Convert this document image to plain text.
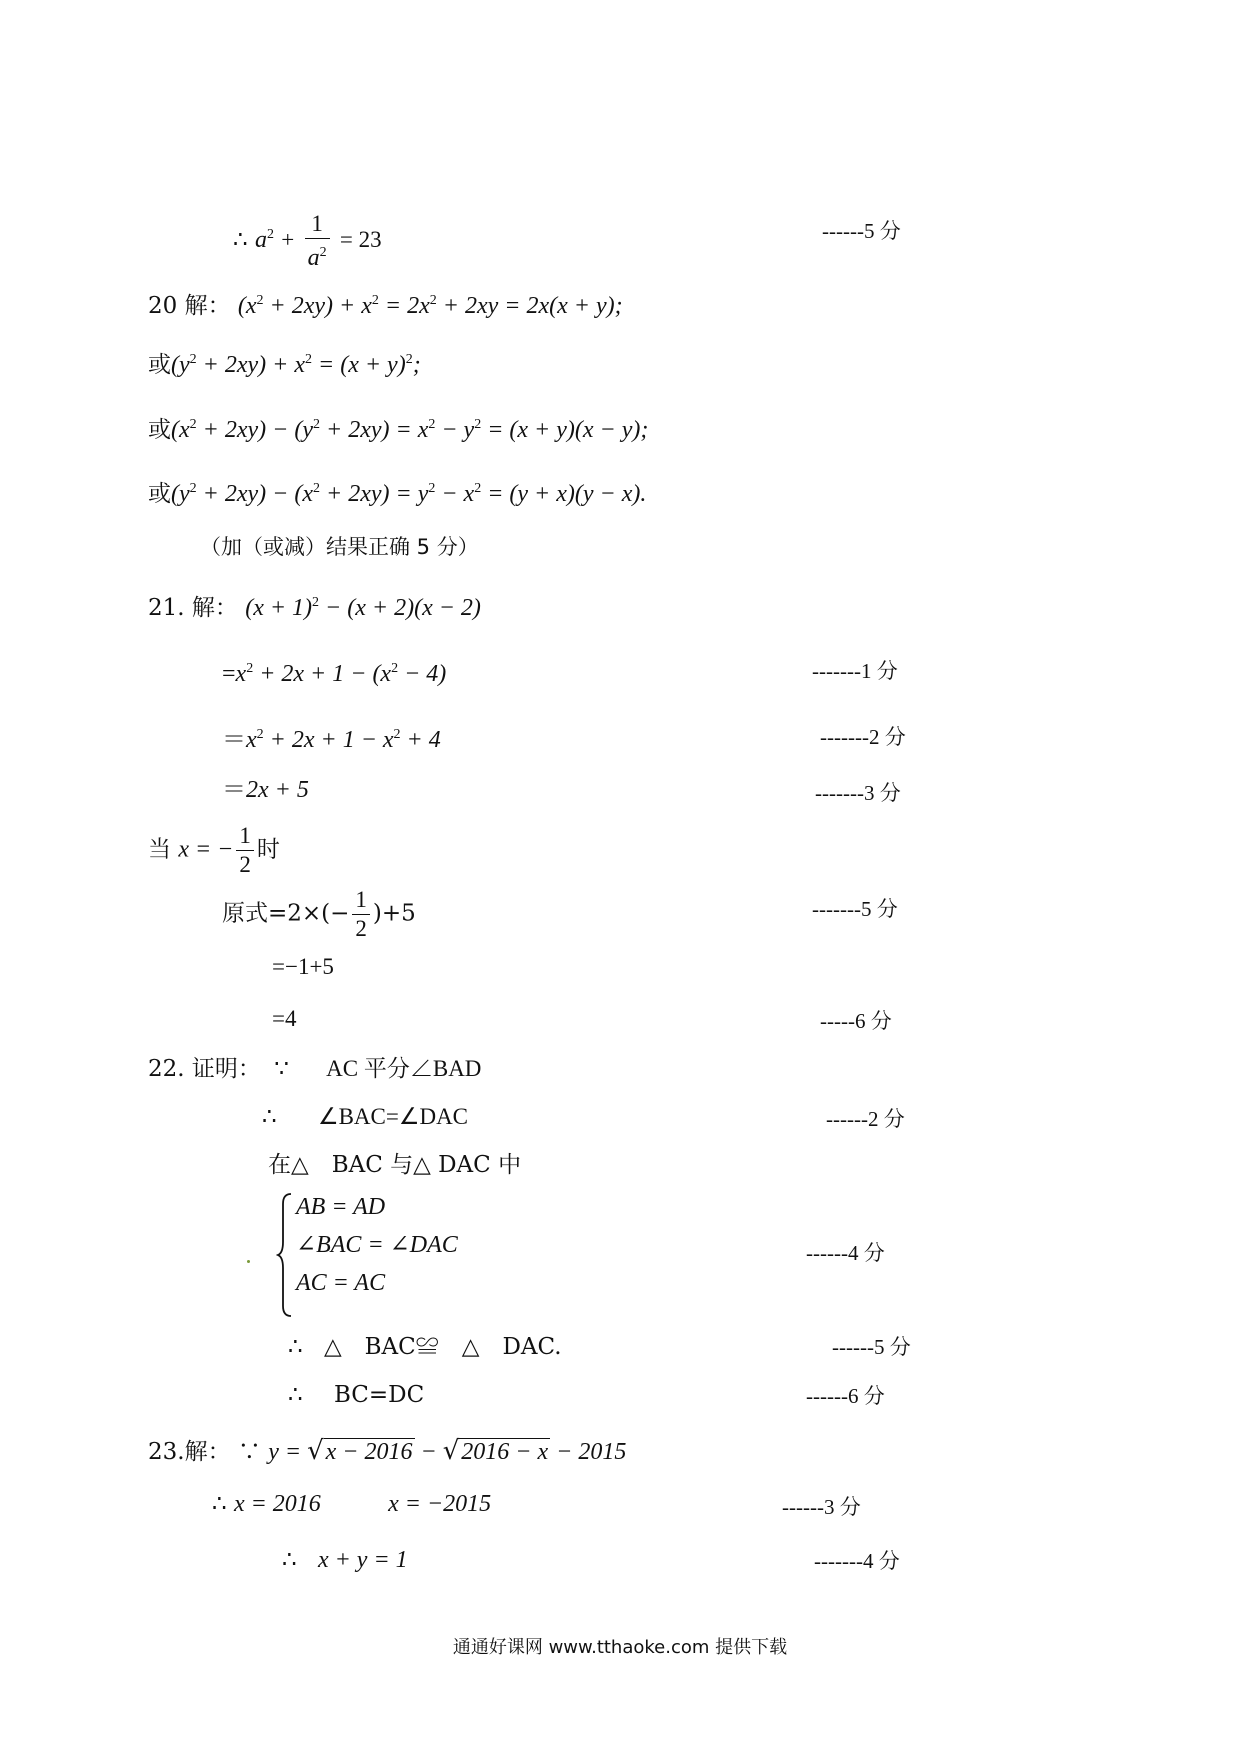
∴ $a^2 + \frac{1}{a^2} = 23$	------5 分
20 解： $(x^2 + 2xy) + x^2 = 2x^2 + 2xy = 2x(x + y)$;
或$(y^2 + 2xy) + x^2 = (x + y)^2$;
或$(x^2 + 2xy) - (y^2 + 2xy) = x^2 - y^2 = (x + y)(x - y)$;
或$(y^2 + 2xy) - (x^2 + 2xy) = y^2 - x^2 = (y + x)(y - x)$.
（加（或减）结果正确 5 分）
21. 解： $(x + 1)^2 - (x + 2)(x - 2)$
$=x^2 + 2x + 1 - (x^2 - 4)$	-------1 分
$=x^2 + 2x + 1 - x^2 + 4$	-------2 分
＝2x + 5	-------3 分
当 x = − $\frac{1}{2}$ 时
原式$=2\times(- \frac{1}{2} )+5$	-------5 分
=−1+5
=4	-----6 分
22. 证明： ∵ AC 平分∠BAD
∴ ∠BAC=∠DAC	------2 分
在△　BAC 与△ DAC 中
AB = AD
∠BAC = ∠DAC
AC = AC
------4 分
∴ △　BAC≌　△　DAC.	------5 分
∴ BC=DC	------6 分
23.解： ∵ y = √x − 2016 − √2016 − x − 2015
∴ x = 2016	x = −2015	------3 分
∴ x + y = 1	-------4 分
通通好课网 www.tthaoke.com 提供下载
